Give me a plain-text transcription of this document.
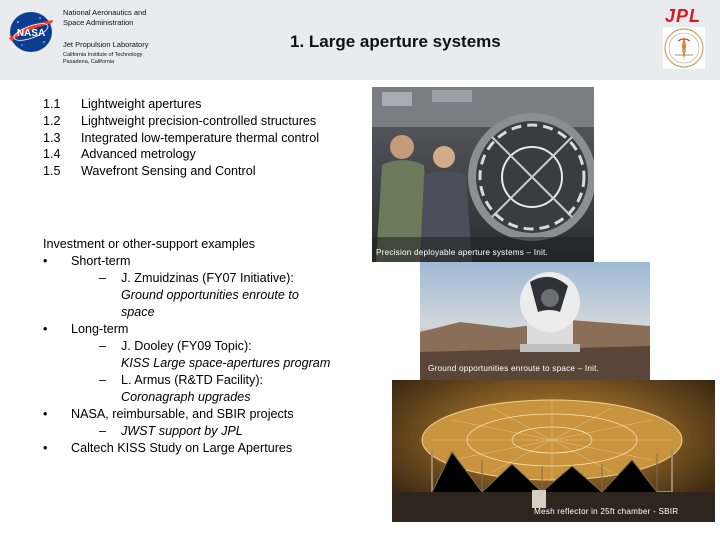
NASA
National Aeronautics and
Space Administration
Jet Propulsion Laboratory
California Institute of Technology
Pasadena, California
1. Large aperture systems
JPL
1.1	Lightweight apertures
1.2	Lightweight precision-controlled structures
1.3	Integrated low-temperature thermal control
1.4	Advanced metrology
1.5	Wavefront Sensing and Control
Investment or other-support examples
•	Short-term
–	J. Zmuidzinas (FY07 Initiative):
Ground opportunities enroute to space
•	Long-term
–	J. Dooley (FY09 Topic):
KISS Large space-apertures program
–	L. Armus (R&TD Facility):
Coronagraph upgrades
•	NASA, reimbursable, and SBIR projects
–	JWST support by JPL
•	Caltech KISS Study on Large Apertures
Precision deployable aperture systems – Init.
Ground opportunities enroute to space – Init.
Mesh reflector in 25ft chamber - SBIR
